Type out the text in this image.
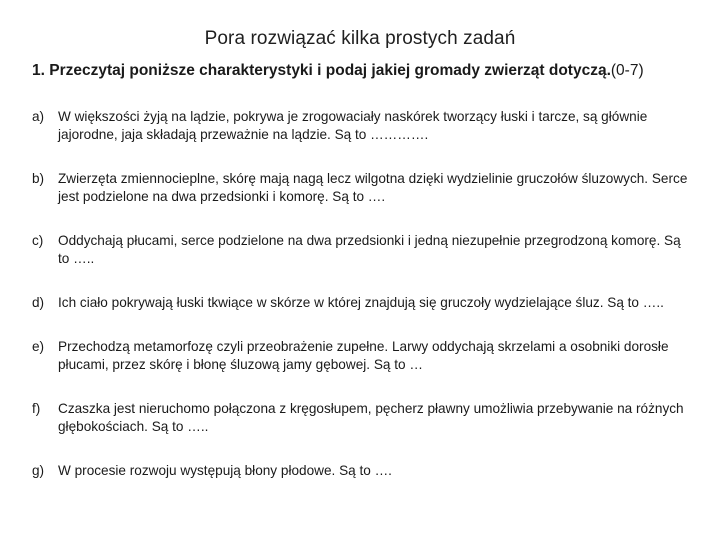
Pora rozwiązać kilka prostych zadań
1. Przeczytaj poniższe charakterystyki i podaj jakiej gromady zwierząt dotyczą.(0-7)
a) W większości żyją na lądzie, pokrywa je zrogowaciały naskórek tworzący łuski i tarcze, są głównie jajorodne, jaja składają przeważnie na lądzie. Są to ………….
b) Zwierzęta zmiennocieplne, skórę mają nagą lecz wilgotna dzięki wydzielinie gruczołów śluzowych. Serce jest podzielone na dwa przedsionki i komorę. Są to ….
c) Oddychają płucami, serce podzielone na dwa przedsionki i jedną niezupełnie przegrodzoną komorę. Są to …..
d) Ich ciało pokrywają łuski tkwiące w skórze w której znajdują się gruczoły wydzielające śluz. Są to …..
e) Przechodzą metamorfozę czyli przeobrażenie zupełne. Larwy oddychają skrzelami a osobniki dorosłe płucami, przez skórę i błonę śluzową jamy gębowej. Są to …
f) Czaszka jest nieruchomo połączona z kręgosłupem, pęcherz pławny umożliwia przebywanie na różnych głębokościach. Są to …..
g) W procesie rozwoju występują błony płodowe. Są to ….
